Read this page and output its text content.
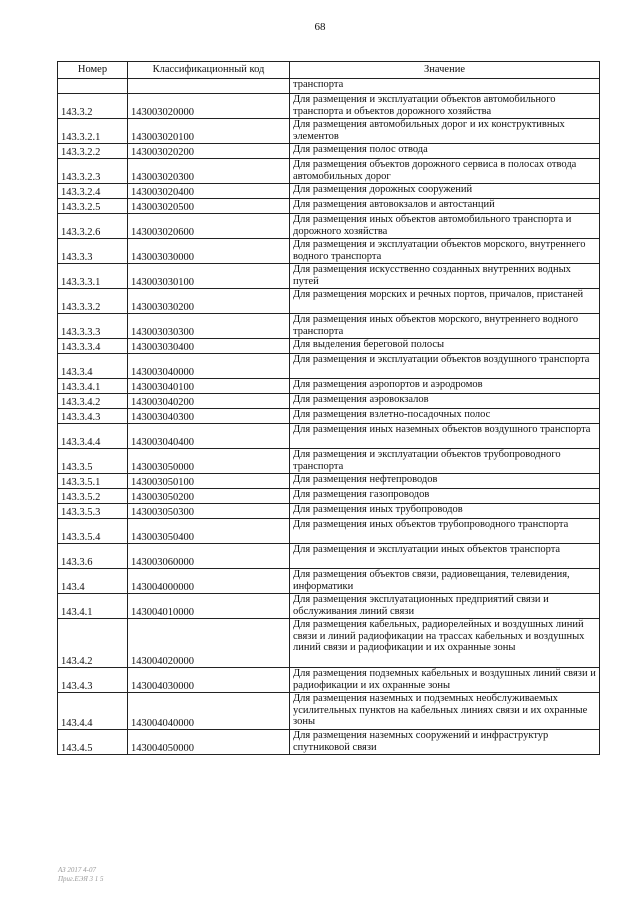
68
Номер	Классификационный код	Значение
		транспорта
143.3.2	143003020000	Для размещения и эксплуатации объектов автомобильного транспорта и объектов дорожного хозяйства
143.3.2.1	143003020100	Для размещения автомобильных дорог и их конструктивных элементов
143.3.2.2	143003020200	Для размещения полос отвода
143.3.2.3	143003020300	Для размещения объектов дорожного сервиса в полосах отвода автомобильных дорог
143.3.2.4	143003020400	Для размещения дорожных сооружений
143.3.2.5	143003020500	Для размещения автовокзалов и автостанций
143.3.2.6	143003020600	Для размещения иных объектов автомобильного транспорта и дорожного хозяйства
143.3.3	143003030000	Для размещения и эксплуатации объектов морского, внутреннего водного транспорта
143.3.3.1	143003030100	Для размещения искусственно созданных внутренних водных путей
143.3.3.2	143003030200	Для размещения морских и речных портов, причалов, пристаней
143.3.3.3	143003030300	Для размещения иных объектов морского, внутреннего водного транспорта
143.3.3.4	143003030400	Для выделения береговой полосы
143.3.4	143003040000	Для размещения и эксплуатации объектов воздушного транспорта
143.3.4.1	143003040100	Для размещения аэропортов и аэродромов
143.3.4.2	143003040200	Для размещения аэровокзалов
143.3.4.3	143003040300	Для размещения взлетно-посадочных полос
143.3.4.4	143003040400	Для размещения иных наземных объектов воздушного транспорта
143.3.5	143003050000	Для размещения и эксплуатации объектов трубопроводного транспорта
143.3.5.1	143003050100	Для размещения нефтепроводов
143.3.5.2	143003050200	Для размещения газопроводов
143.3.5.3	143003050300	Для размещения иных трубопроводов
143.3.5.4	143003050400	Для размещения иных объектов трубопроводного транспорта
143.3.6	143003060000	Для размещения и эксплуатации иных объектов транспорта
143.4	143004000000	Для размещения объектов связи, радиовещания, телевидения, информатики
143.4.1	143004010000	Для размещения эксплуатационных предприятий связи и обслуживания линий связи
143.4.2	143004020000	Для размещения кабельных, радиорелейных и воздушных линий связи и линий радиофикации на трассах кабельных и воздушных линий связи и радиофикации и их охранные зоны
143.4.3	143004030000	Для размещения подземных кабельных и воздушных линий связи и радиофикации и их охранные зоны
143.4.4	143004040000	Для размещения наземных и подземных необслуживаемых усилительных пунктов на кабельных линиях связи и их охранные зоны
143.4.5	143004050000	Для размещения наземных сооружений и инфраструктур спутниковой связи
АЗ 2017 4-07
Приг.ЕЭЯ 3 1 5
